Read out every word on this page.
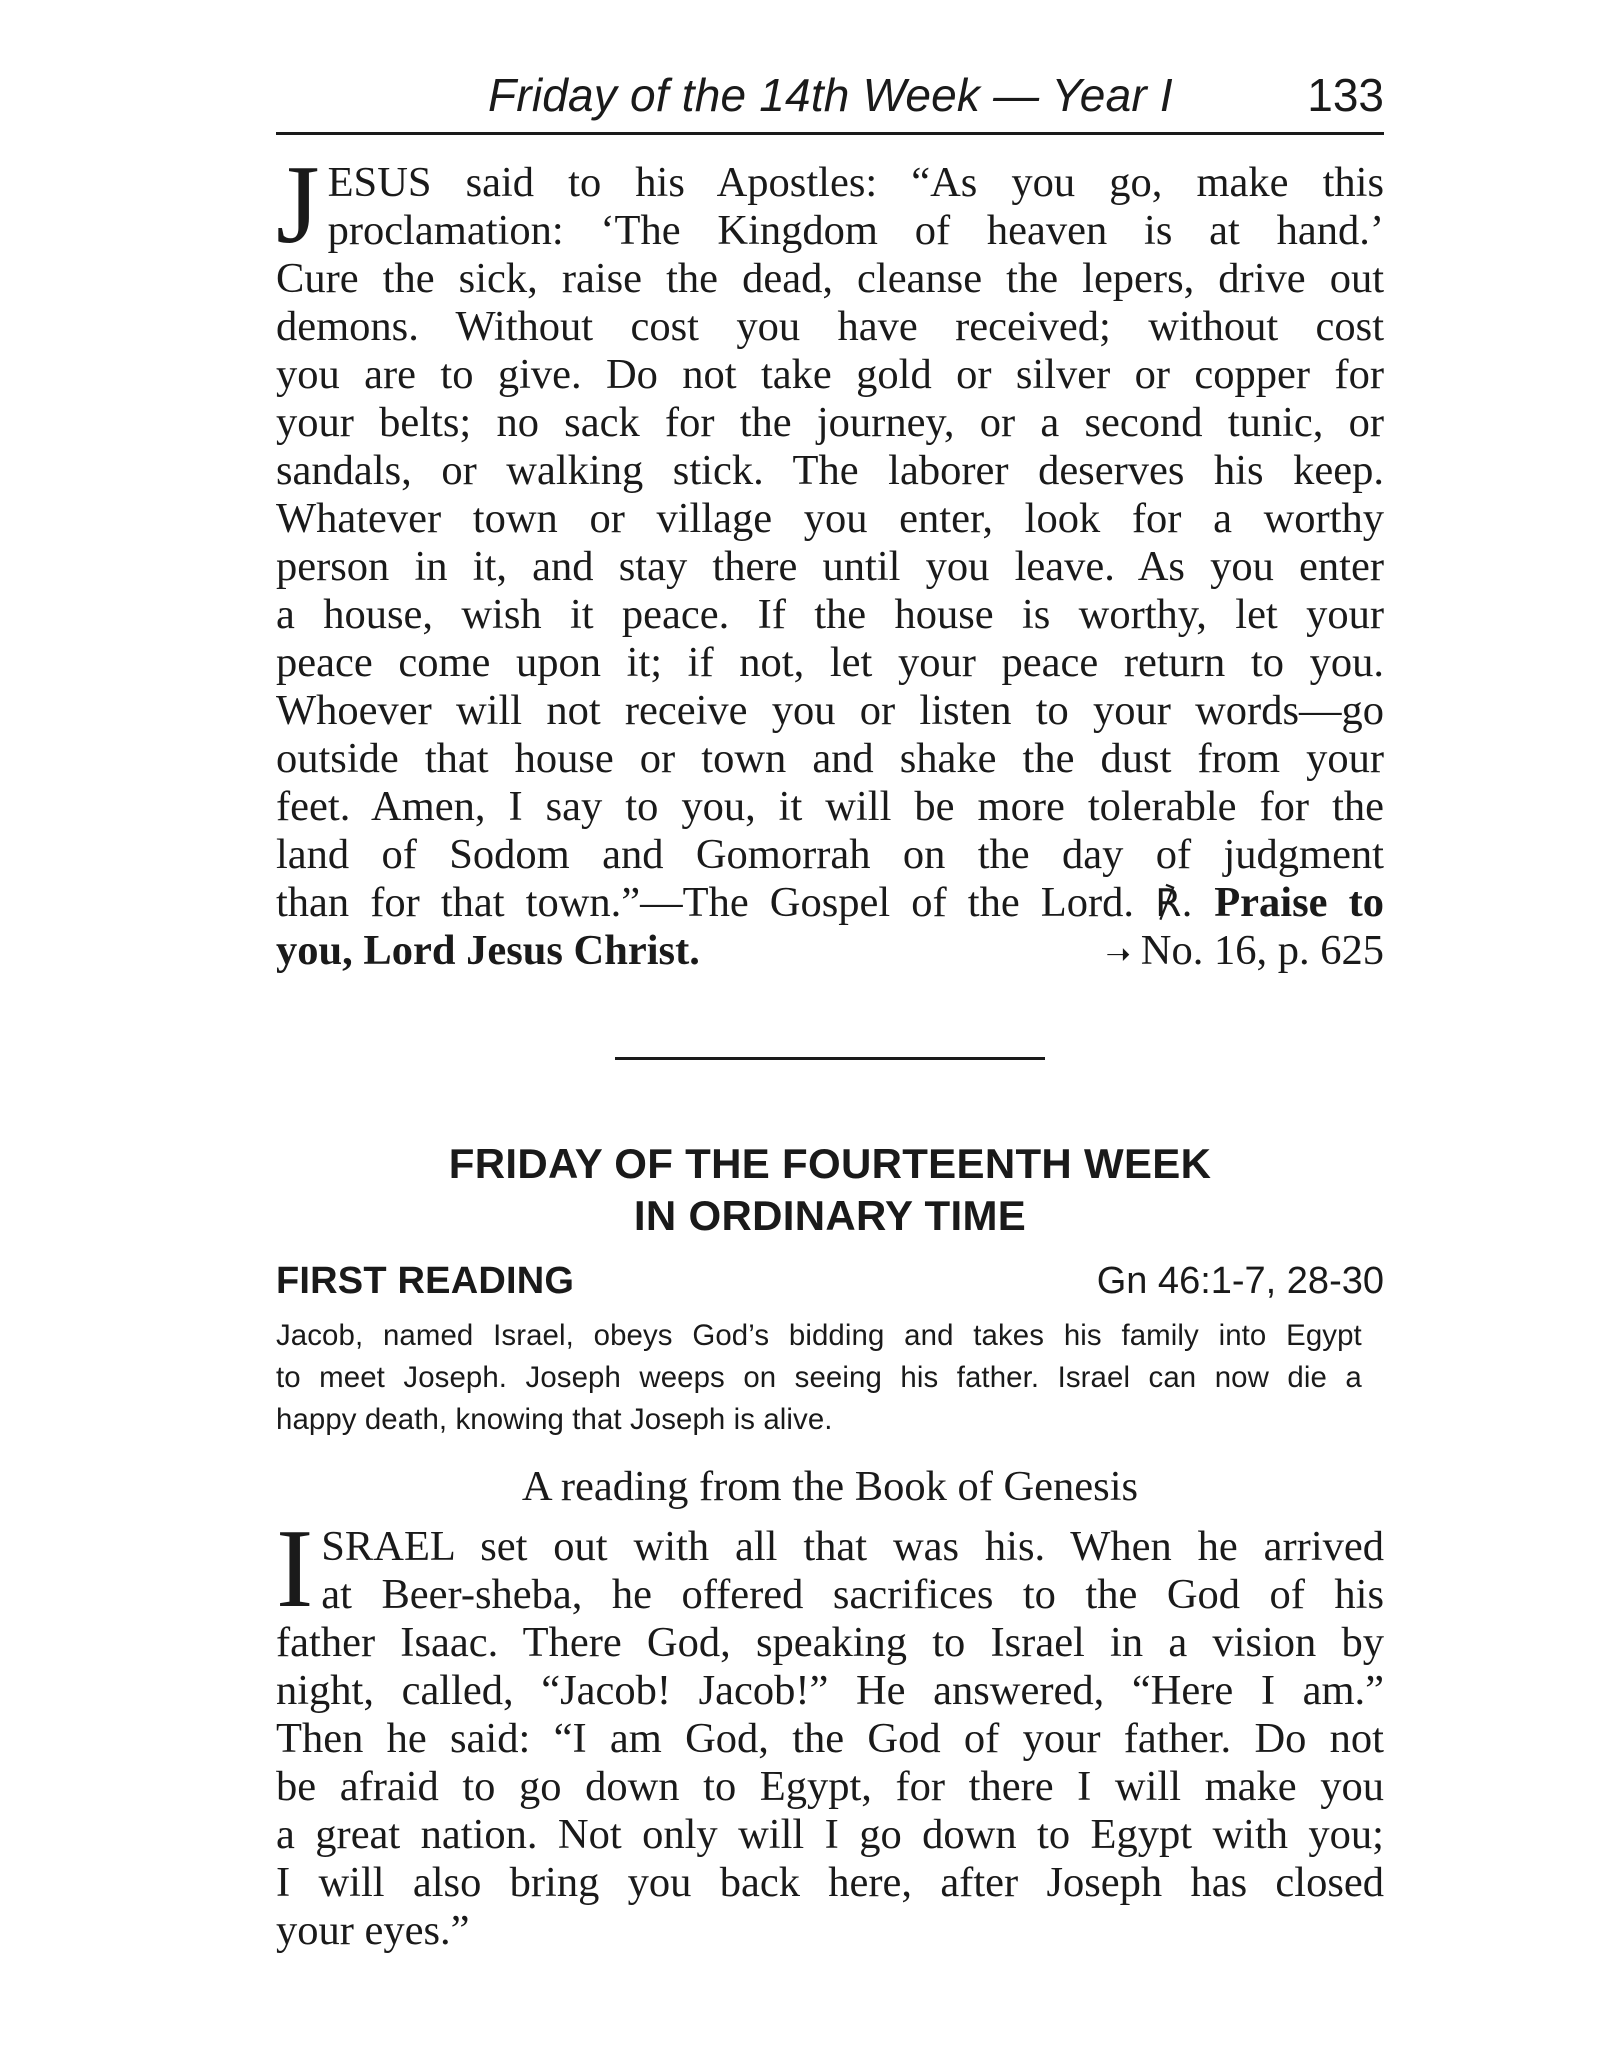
Friday of the 14th Week — Year I	133
J ESUS said to his Apostles: “As you go, make this
proclamation: ‘The Kingdom of heaven is at hand.’
Cure the sick, raise the dead, cleanse the lepers, drive out
demons. Without cost you have received; without cost
you are to give. Do not take gold or silver or copper for
your belts; no sack for the journey, or a second tunic, or
sandals, or walking stick. The laborer deserves his keep.
Whatever town or village you enter, look for a worthy
person in it, and stay there until you leave. As you enter
a house, wish it peace. If the house is worthy, let your
peace come upon it; if not, let your peace return to you.
Whoever will not receive you or listen to your words—go
outside that house or town and shake the dust from your
feet. Amen, I say to you, it will be more tolerable for the
land of Sodom and Gomorrah on the day of judgment
than for that town.”—The Gospel of the Lord. ℟. Praise to
you, Lord Jesus Christ.	➝ No. 16, p. 625
FRIDAY OF THE FOURTEENTH WEEK
IN ORDINARY TIME
FIRST READING	Gn 46:1-7, 28-30
Jacob, named Israel, obeys God’s bidding and takes his family into Egypt
to meet Joseph. Joseph weeps on seeing his father. Israel can now die a
happy death, knowing that Joseph is alive.
A reading from the Book of Genesis
I SRAEL set out with all that was his. When he arrived
at Beer-sheba, he offered sacrifices to the God of his
father Isaac. There God, speaking to Israel in a vision by
night, called, “Jacob! Jacob!” He answered, “Here I am.”
Then he said: “I am God, the God of your father. Do not
be afraid to go down to Egypt, for there I will make you
a great nation. Not only will I go down to Egypt with you;
I will also bring you back here, after Joseph has closed
your eyes.”
